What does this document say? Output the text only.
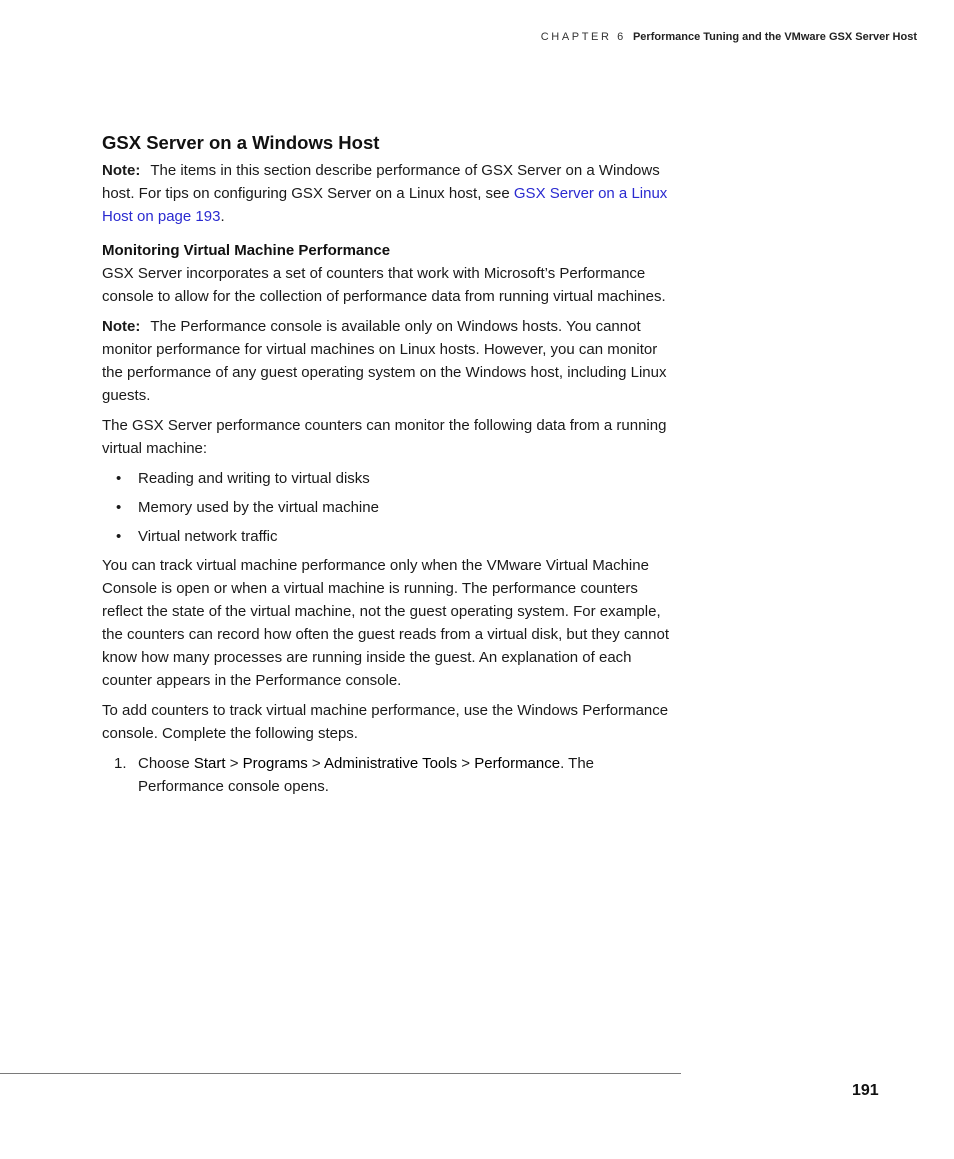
CHAPTER 6 Performance Tuning and the VMware GSX Server Host
GSX Server on a Windows Host

Note: The items in this section describe performance of GSX Server on a Windows host. For tips on configuring GSX Server on a Linux host, see GSX Server on a Linux Host on page 193.

Monitoring Virtual Machine Performance

GSX Server incorporates a set of counters that work with Microsoft’s Performance console to allow for the collection of performance data from running virtual machines.

Note: The Performance console is available only on Windows hosts. You cannot monitor performance for virtual machines on Linux hosts. However, you can monitor the performance of any guest operating system on the Windows host, including Linux guests.

The GSX Server performance counters can monitor the following data from a running virtual machine:

• Reading and writing to virtual disks
• Memory used by the virtual machine
• Virtual network traffic

You can track virtual machine performance only when the VMware Virtual Machine Console is open or when a virtual machine is running. The performance counters reflect the state of the virtual machine, not the guest operating system. For example, the counters can record how often the guest reads from a virtual disk, but they cannot know how many processes are running inside the guest. An explanation of each counter appears in the Performance console.

To add counters to track virtual machine performance, use the Windows Performance console. Complete the following steps.

1. Choose Start > Programs > Administrative Tools > Performance. The Performance console opens.
191
